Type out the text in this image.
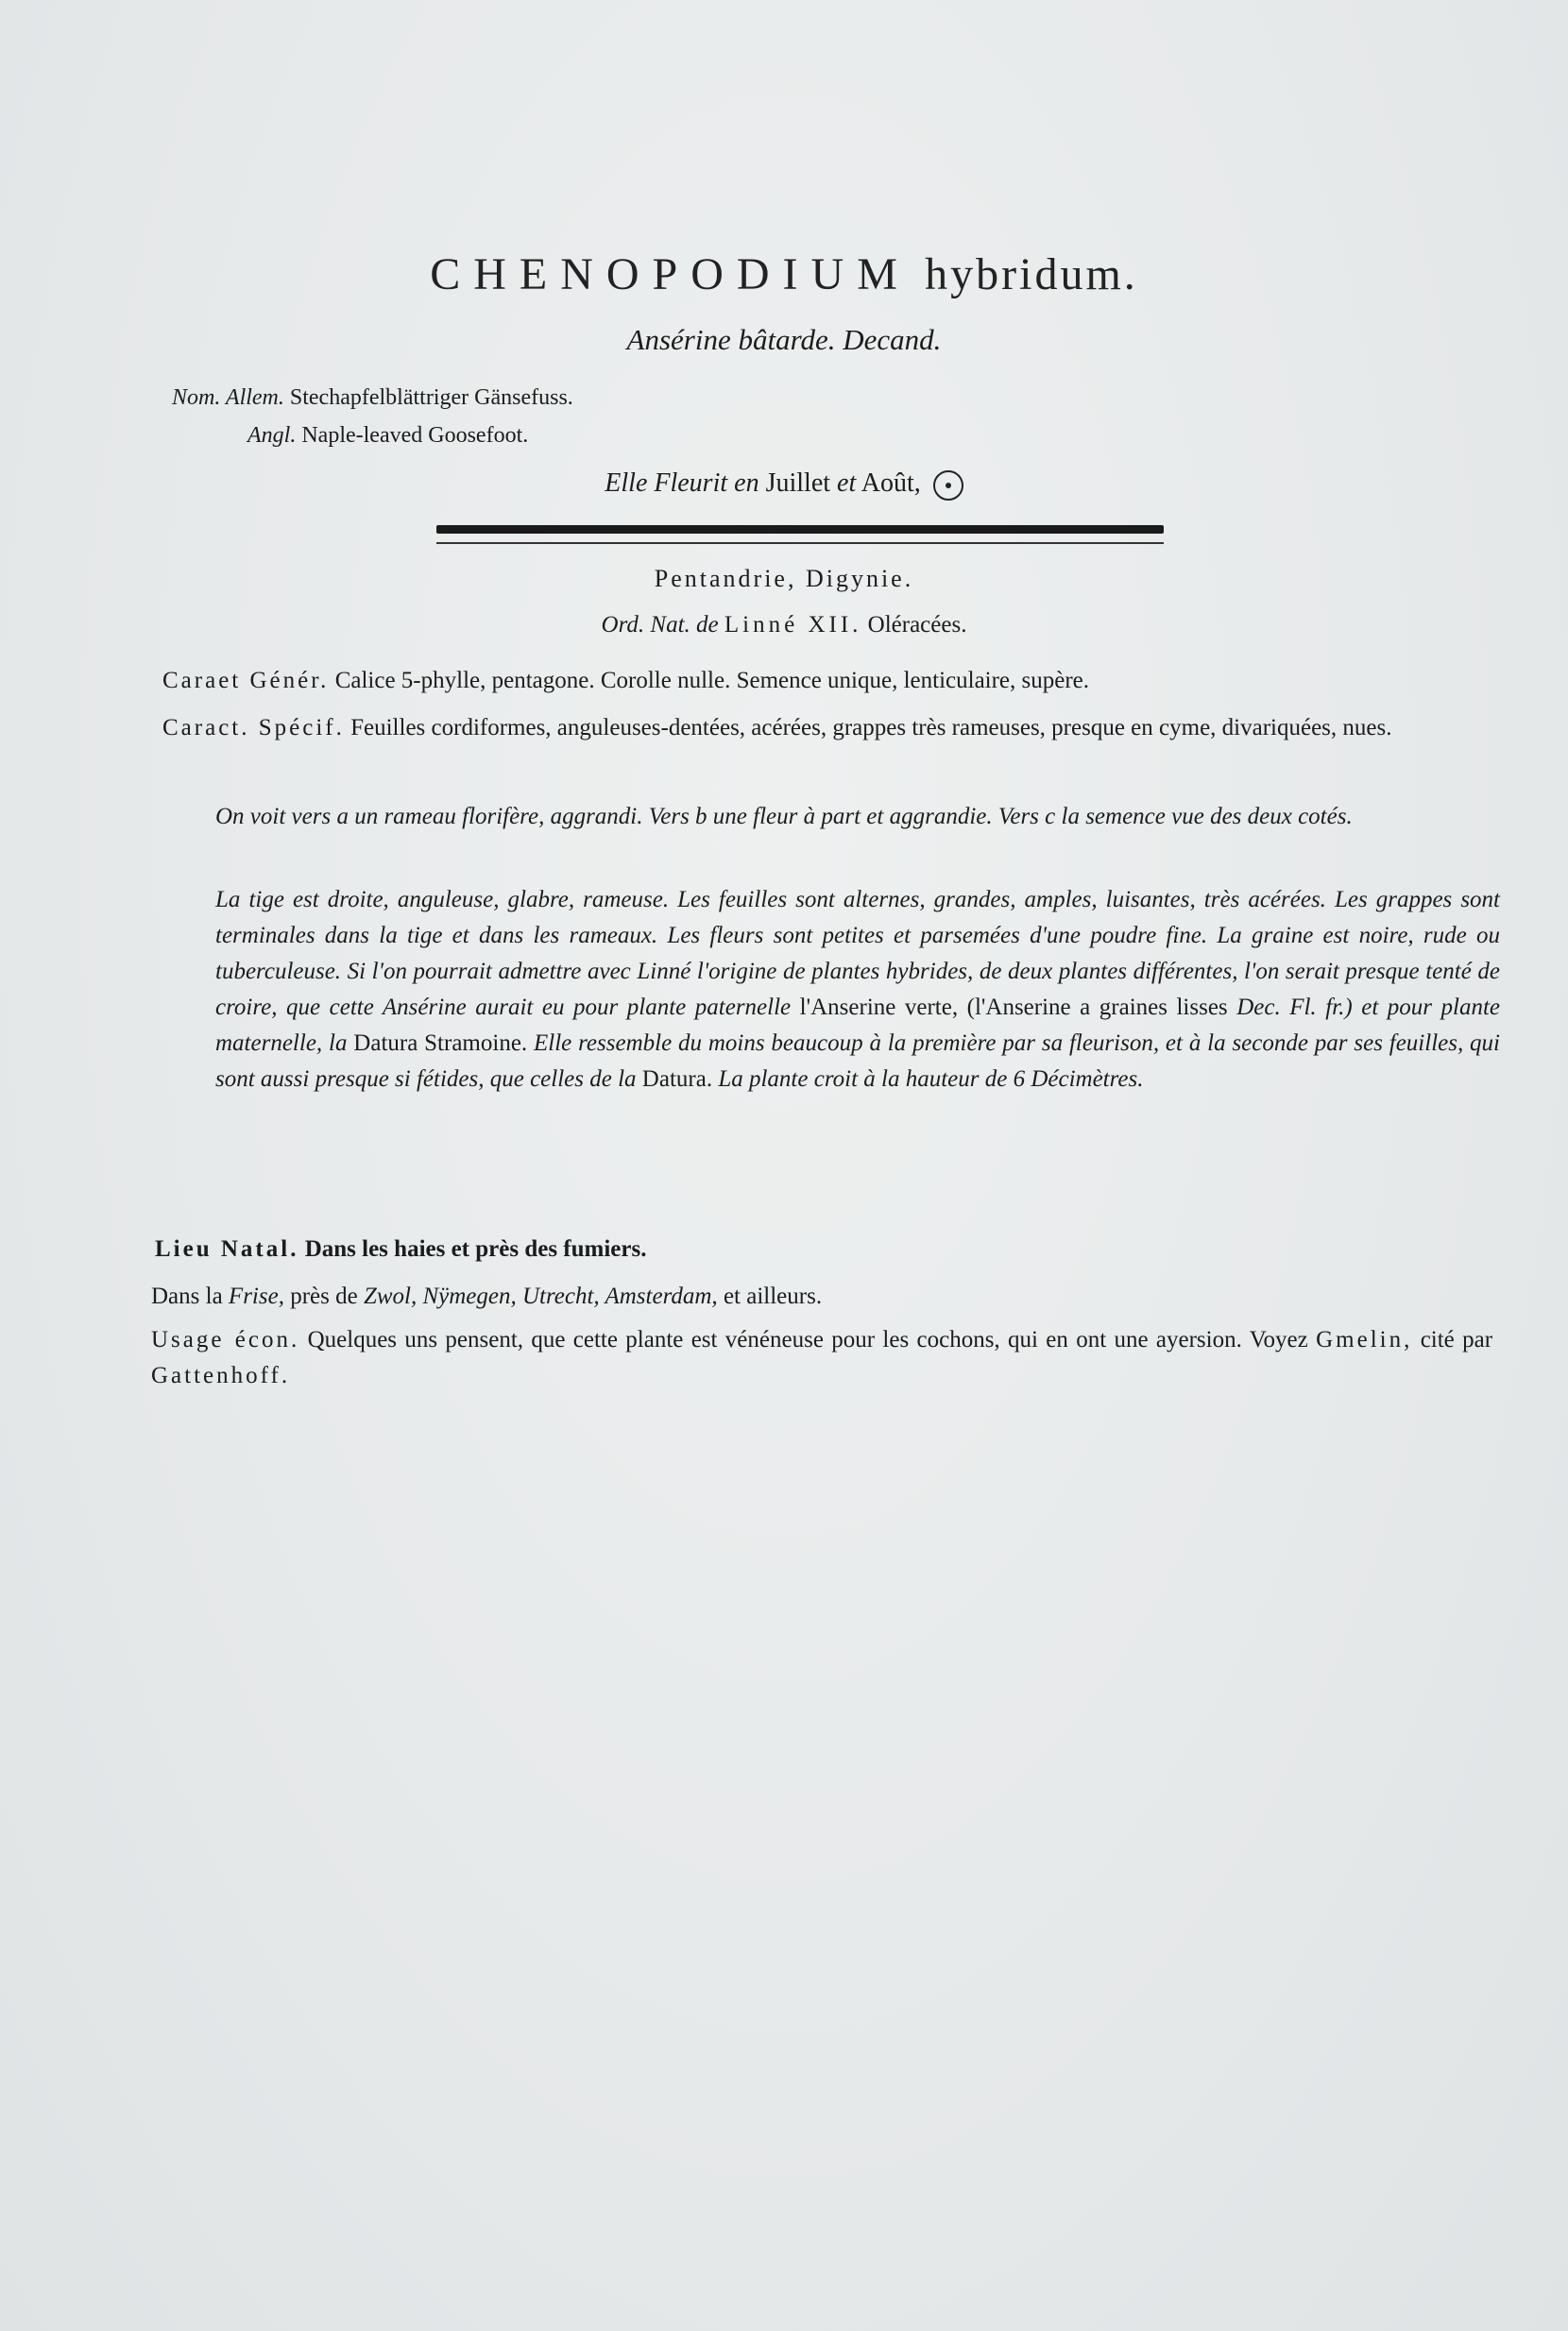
CHENOPODIUM hybridum.
Ansérine bâtarde. Decand.
Nom. Allem. Stechapfelblättriger Gänsefuss.
Angl. Naple-leaved Goosefoot.
Elle Fleurit en Juillet et Août,
Pentandrie, Digynie.
Ord. Nat. de Linné XII. Oléracées.
Caraet Génér. Calice 5-phylle, pentagone. Corolle nulle. Semence unique, lenticulaire, supère.
Caract. Spécif. Feuilles cordiformes, anguleuses-dentées, acérées, grappes très rameuses, presque en cyme, divariquées, nues.
On voit vers a un rameau florifère, aggrandi. Vers b une fleur à part et aggrandie. Vers c la semence vue des deux cotés.
La tige est droite, anguleuse, glabre, rameuse. Les feuilles sont alternes, grandes, amples, luisantes, très acérées. Les grappes sont terminales dans la tige et dans les rameaux. Les fleurs sont petites et parsemées d'une poudre fine. La graine est noire, rude ou tuberculeuse. Si l'on pourrait admettre avec Linné l'origine de plantes hybrides, de deux plantes différentes, l'on serait presque tenté de croire, que cette Ansérine aurait eu pour plante paternelle l'Anserine verte, (l'Anserine a graines lisses Dec. Fl. fr.) et pour plante maternelle, la Datura Stramoine. Elle ressemble du moins beaucoup à la première par sa fleurison, et à la seconde par ses feuilles, qui sont aussi presque si fétides, que celles de la Datura. La plante croit à la hauteur de 6 Décimètres.
Lieu Natal. Dans les haies et près des fumiers.
Dans la Frise, près de Zwol, Nÿmegen, Utrecht, Amsterdam, et ailleurs.
Usage écon. Quelques uns pensent, que cette plante est vénéneuse pour les cochons, qui en ont une ayersion. Voyez Gmelin, cité par Gattenhoff.
